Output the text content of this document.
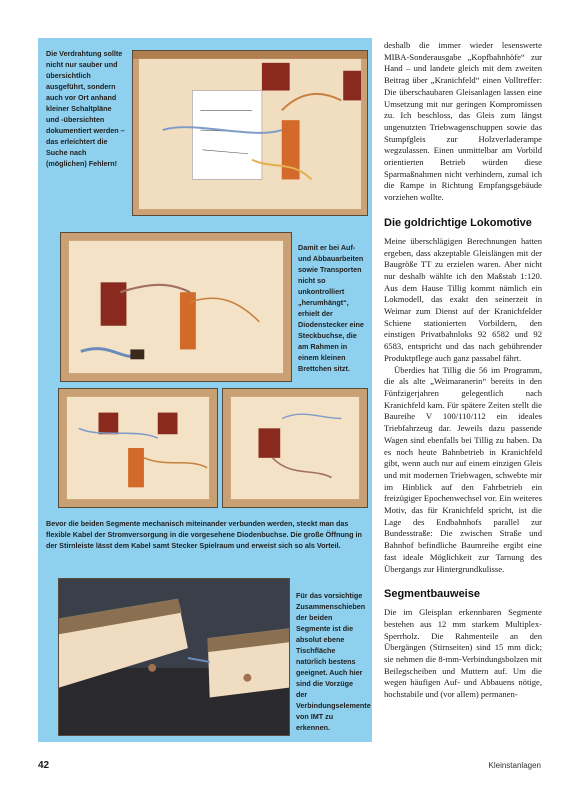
Die Verdrahtung sollte nicht nur sauber und übersichtlich ausgeführt, sondern auch vor Ort anhand kleiner Schaltpläne und -übersichten dokumentiert werden – das erleichtert die Suche nach (möglichen) Fehlern!
Damit er bei Auf- und Abbauarbeiten sowie Transporten nicht so unkontrolliert „herumhängt“, erhielt der Diodenstecker eine Steckbuchse, die am Rahmen in einem kleinen Brettchen sitzt.
Bevor die beiden Segmente mechanisch miteinander verbunden werden, steckt man das flexible Kabel der Stromversorgung in die vorgesehene Diodenbuchse. Die große Öffnung in der Stirnleiste lässt dem Kabel samt Stecker Spielraum und erweist sich so als Vorteil.
Für das vorsichtige Zusammenschieben der beiden Segmente ist die absolut ebene Tischfläche natürlich bestens geeignet. Auch hier sind die Vorzüge der Verbindungselemente von IMT zu erkennen.

deshalb die immer wieder lesenswerte MIBA-Sonderausgabe „Kopfbahnhöfe“ zur Hand – und landete gleich mit dem zweiten Beitrag über „Kranichfeld“ einen Volltreffer: Die überschaubaren Gleisanlagen lassen eine Umsetzung mit nur geringen Kompromissen zu. Ich beschloss, das Gleis zum längst ungenutzten Triebwagenschuppen sowie das Stumpfgleis zur Holzverladerampe wegzulassen. Einen unmittelbar am Vorbild orientierten Betrieb würden diese Sparmaßnahmen nicht verhindern, zumal ich die Rampe in Richtung Empfangsgebäude vorziehen wollte.

Die goldrichtige Lokomotive

Meine überschlägigen Berechnungen hatten ergeben, dass akzeptable Gleislängen mit der Baugröße TT zu erzielen waren. Aber nicht nur deshalb wählte ich den Maßstab 1:120. Aus dem Hause Tillig kommt nämlich ein Lokmodell, das exakt den seinerzeit in Weimar zum Dienst auf der Kranichfelder Schiene stationierten Vorbildern, den einstigen Privatbahnloks 92 6582 und 92 6583, entspricht und das nach gebührender Produktpflege auch ganz passabel fährt.

Überdies hat Tillig die 56 im Programm, die als alte „Weimaranerin“ bereits in den Fünfzigerjahren gelegentlich nach Kranichfeld kam. Für spätere Zeiten stellt die Baureihe V 100/110/112 ein ideales Triebfahrzeug dar. Jeweils dazu passende Wagen sind ebenfalls bei Tillig zu haben. Da es noch heute Bahnbetrieb in Kranichfeld gibt, wenn auch nur auf einem einzigen Gleis und mit modernen Triebwagen, schwebte mir im Hinblick auf den Fahrbetrieb ein freizügiger Epochenwechsel vor. Ein weiteres Motiv, das für Kranichfeld spricht, ist die Lage des Endbahnhofs parallel zur Bundesstraße: Die zwischen Straße und Bahnhof befindliche Baumreihe ergibt eine fast ideale Möglichkeit zur Tarnung des Übergangs zur Hintergrundkulisse.

Segmentbauweise

Die im Gleisplan erkennbaren Segmente bestehen aus 12 mm starkem Multiplex-Sperrholz. Die Rahmenteile an den Übergängen (Stirnseiten) sind 15 mm dick; sie nehmen die 8-mm-Verbindungsbolzen mit Beilegscheiben und Muttern auf. Um die wegen häufigen Auf- und Abbauens nötige, hochstabile und (vor allem) permanen-

42	Kleinstanlagen
